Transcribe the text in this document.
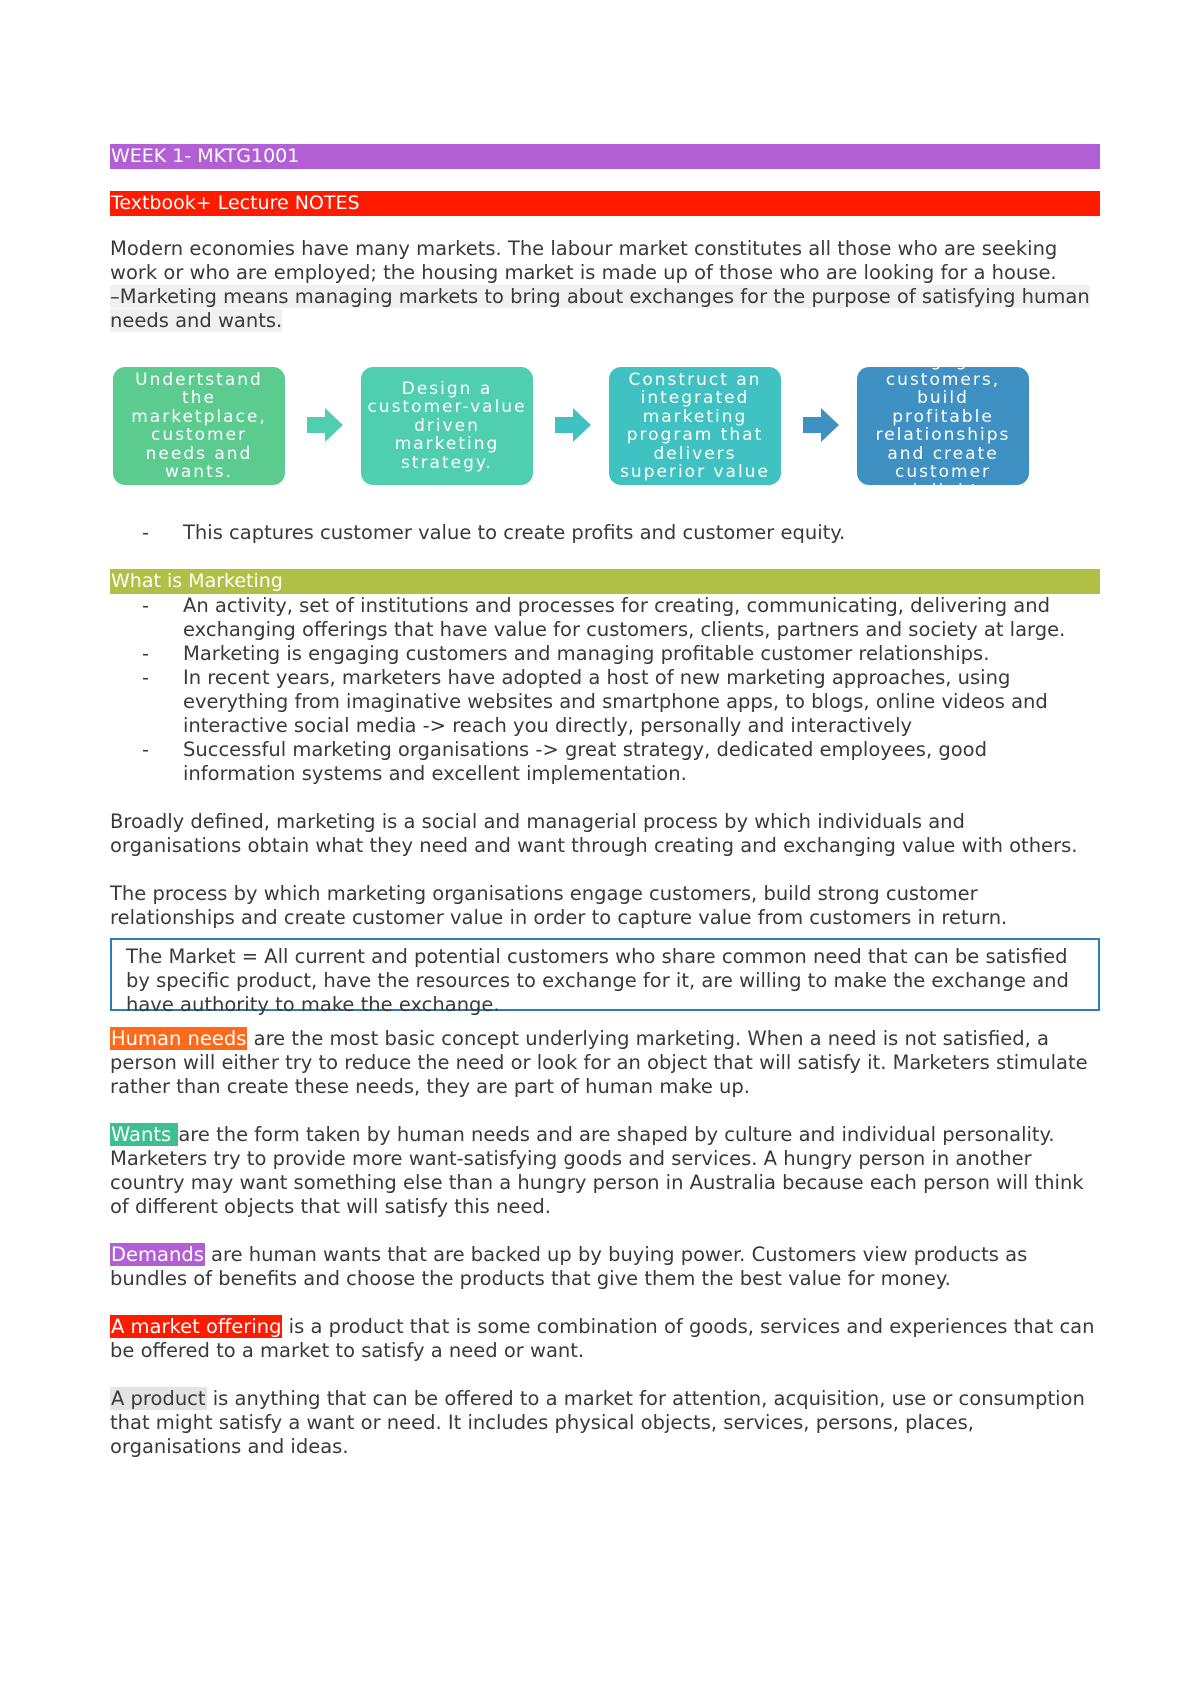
WEEK 1- MKTG1001
Textbook+ Lecture NOTES

Modern economies have many markets. The labour market constitutes all those who are seeking work or who are employed; the housing market is made up of those who are looking for a house.

–Marketing means managing markets to bring about exchanges for the purpose of satisfying human needs and wants.

Undertstand the marketplace, customer needs and wants.
Design a customer-value driven marketing strategy.
Construct an integrated marketing program that delivers superior value
Engage customers, build profitable relationships and create customer delight
- This captures customer value to create profits and customer equity.
What is Marketing
- An activity, set of institutions and processes for creating, communicating, delivering and exchanging offerings that have value for customers, clients, partners and society at large.
- Marketing is engaging customers and managing profitable customer relationships.
- In recent years, marketers have adopted a host of new marketing approaches, using everything from imaginative websites and smartphone apps, to blogs, online videos and interactive social media -> reach you directly, personally and interactively
- Successful marketing organisations -> great strategy, dedicated employees, good information systems and excellent implementation.

Broadly defined, marketing is a social and managerial process by which individuals and organisations obtain what they need and want through creating and exchanging value with others.

The process by which marketing organisations engage customers, build strong customer relationships and create customer value in order to capture value from customers in return.

The Market = All current and potential customers who share common need that can be satisfied by specific product, have the resources to exchange for it, are willing to make the exchange and have authority to make the exchange.

Human needs are the most basic concept underlying marketing. When a need is not satisfied, a person will either try to reduce the need or look for an object that will satisfy it. Marketers stimulate rather than create these needs, they are part of human make up.

Wants are the form taken by human needs and are shaped by culture and individual personality. Marketers try to provide more want-satisfying goods and services. A hungry person in another country may want something else than a hungry person in Australia because each person will think of different objects that will satisfy this need.

Demands are human wants that are backed up by buying power. Customers view products as bundles of benefits and choose the products that give them the best value for money.

A market offering is a product that is some combination of goods, services and experiences that can be offered to a market to satisfy a need or want.

A product is anything that can be offered to a market for attention, acquisition, use or consumption that might satisfy a want or need. It includes physical objects, services, persons, places, organisations and ideas.
